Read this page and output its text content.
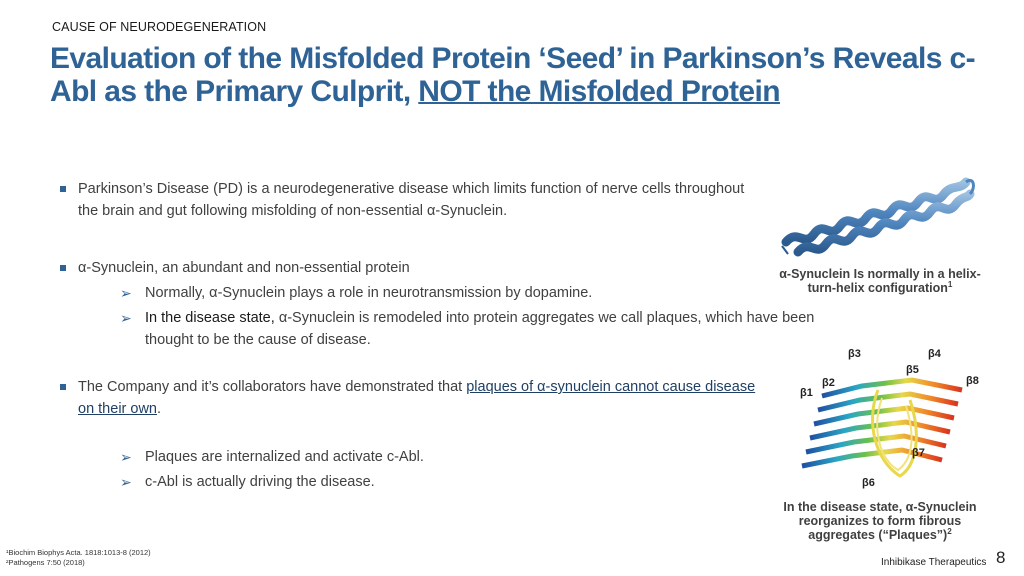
CAUSE OF NEURODEGENERATION
Evaluation of the Misfolded Protein ‘Seed’ in Parkinson’s Reveals c-Abl as the Primary Culprit, NOT the Misfolded Protein
Parkinson’s Disease (PD) is a neurodegenerative disease which limits function of nerve cells throughout the brain and gut following misfolding of non-essential α-Synuclein.
α-Synuclein, an abundant and non-essential protein
➢ Normally, α-Synuclein plays a role in neurotransmission by dopamine.
➢ In the disease state, α-Synuclein is remodeled into protein aggregates we call plaques, which have been thought to be the cause of disease.
The Company and it’s collaborators have demonstrated that plaques of α-synuclein cannot cause disease on their own.
➢ Plaques are internalized and activate c-Abl.
➢ c-Abl is actually driving the disease.
α-Synuclein Is normally in a helix-turn-helix configuration$^1$
β1
β2
β3	β4
β5
β6
β7
β8
In the disease state, α-Synuclein reorganizes to form fibrous aggregates (“Plaques”)$^2$
¹Biochim Biophys Acta. 1818:1013-8 (2012)
²Pathogens 7:50 (2018)	Inhibikase Therapeutics 8
